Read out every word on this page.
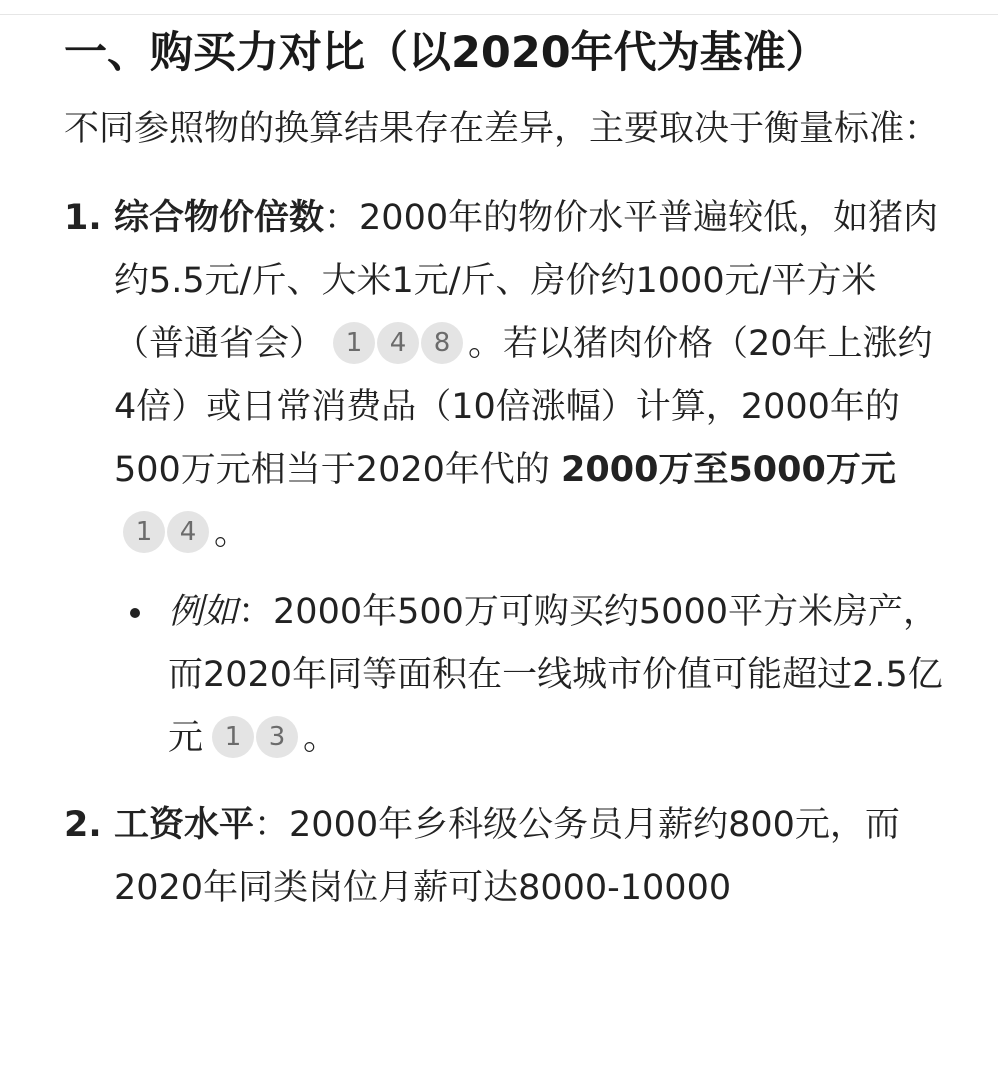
一、购买力对比（以2020年代为基准）

不同参照物的换算结果存在差异，主要取决于衡量标准：

1. 综合物价倍数：2000年的物价水平普遍较低，如猪肉约5.5元/斤、大米1元/斤、房价约1000元/平方米（普通省会） 1 4 8 。若以猪肉价格（20年上涨约4倍）或日常消费品（10倍涨幅）计算，2000年的500万元相当于2020年代的 2000万至5000万元1 4 。
例如：2000年500万可购买约5000平方米房产，而2020年同等面积在一线城市价值可能超过2.5亿元 1 3 。
2. 工资水平：2000年乡科级公务员月薪约800元，而2020年同类岗位月薪可达8000-10000
